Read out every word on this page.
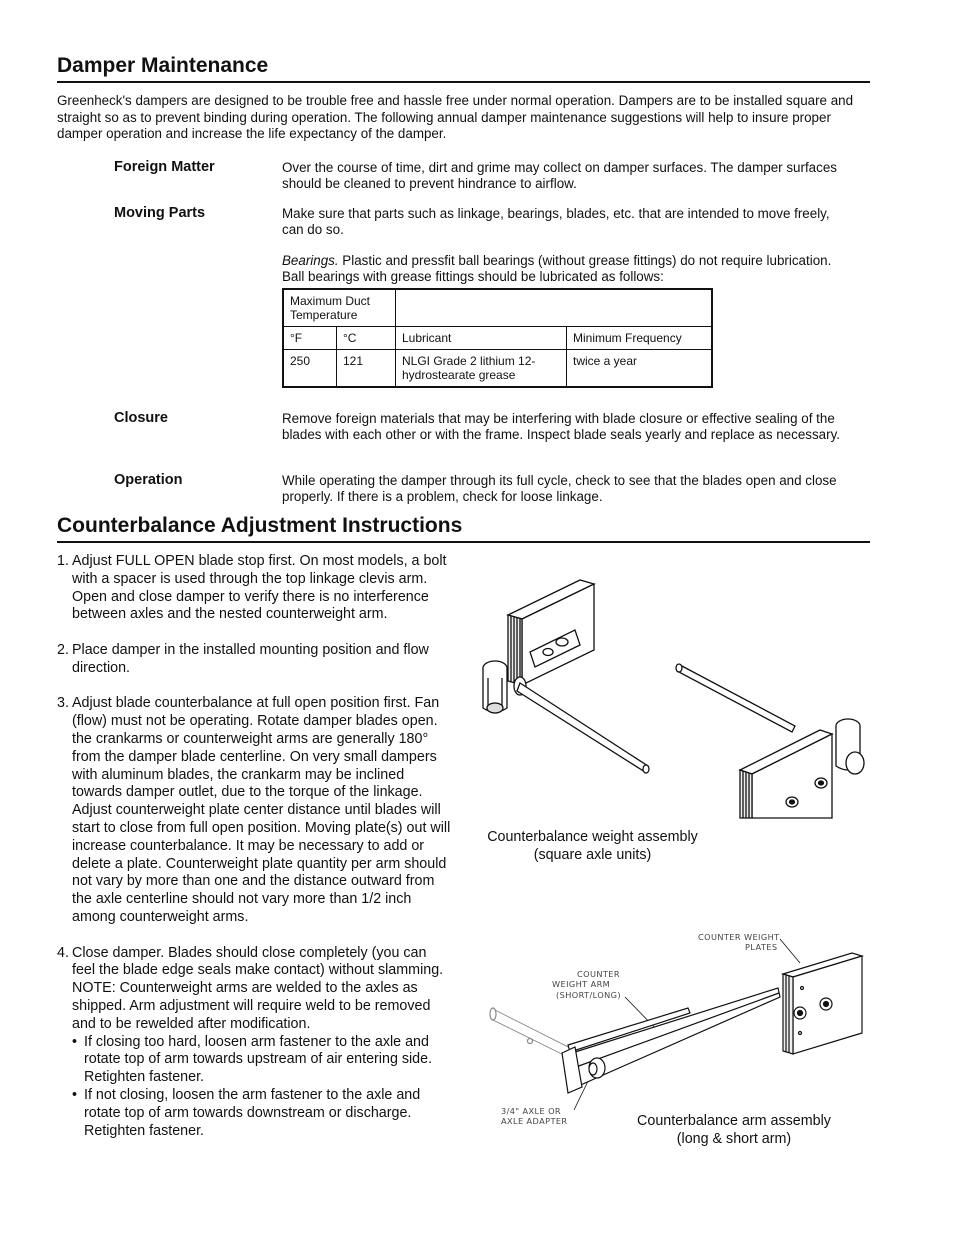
Damper Maintenance
Greenheck's dampers are designed to be trouble free and hassle free under normal operation. Dampers are to be installed square and straight so as to prevent binding during operation. The following annual damper maintenance suggestions will help to insure proper damper operation and increase the life expectancy of the damper.
Foreign Matter	Over the course of time, dirt and grime may collect on damper surfaces. The damper surfaces should be cleaned to prevent hindrance to airflow.
Moving Parts	Make sure that parts such as linkage, bearings, blades, etc. that are intended to move freely, can do so.
Bearings. Plastic and pressfit ball bearings (without grease fittings) do not require lubrication. Ball bearings with grease fittings should be lubricated as follows:
Maximum Duct Temperature			
°F	°C	Lubricant	Minimum Frequency
250	121	NLGI Grade 2 lithium 12-hydrostearate grease	twice a year
Closure	Remove foreign materials that may be interfering with blade closure or effective sealing of the blades with each other or with the frame. Inspect blade seals yearly and replace as necessary.
Operation	While operating the damper through its full cycle, check to see that the blades open and close properly. If there is a problem, check for loose linkage.
Counterbalance Adjustment Instructions
1. Adjust FULL OPEN blade stop first. On most models, a bolt with a spacer is used through the top linkage clevis arm. Open and close damper to verify there is no interference between axles and the nested counterweight arm.
2. Place damper in the installed mounting position and flow direction.
3. Adjust blade counterbalance at full open position first. Fan (flow) must not be operating. Rotate damper blades open. the crankarms or counterweight arms are generally 180° from the damper blade centerline. On very small dampers with aluminum blades, the crankarm may be inclined towards damper outlet, due to the torque of the linkage. Adjust counterweight plate center distance until blades will start to close from full open position. Moving plate(s) out will increase counterbalance. It may be necessary to add or delete a plate. Counterweight plate quantity per arm should not vary by more than one and the distance outward from the axle centerline should not vary more than 1/2 inch among counterweight arms.
4. Close damper. Blades should close completely (you can feel the blade edge seals make contact) without slamming. NOTE: Counterweight arms are welded to the axles as shipped. Arm adjustment will require weld to be removed and to be rewelded after modification.
• If closing too hard, loosen arm fastener to the axle and rotate top of arm towards upstream of air entering side. Retighten fastener.
• If not closing, loosen the arm fastener to the axle and rotate top of arm towards downstream or discharge. Retighten fastener.
Counterbalance weight assembly
(square axle units)
COUNTER WEIGHT
PLATES
COUNTER
WEIGHT ARM
(SHORT/LONG)
3/4" AXLE OR
AXLE ADAPTER	Counterbalance arm assembly
(long & short arm)
